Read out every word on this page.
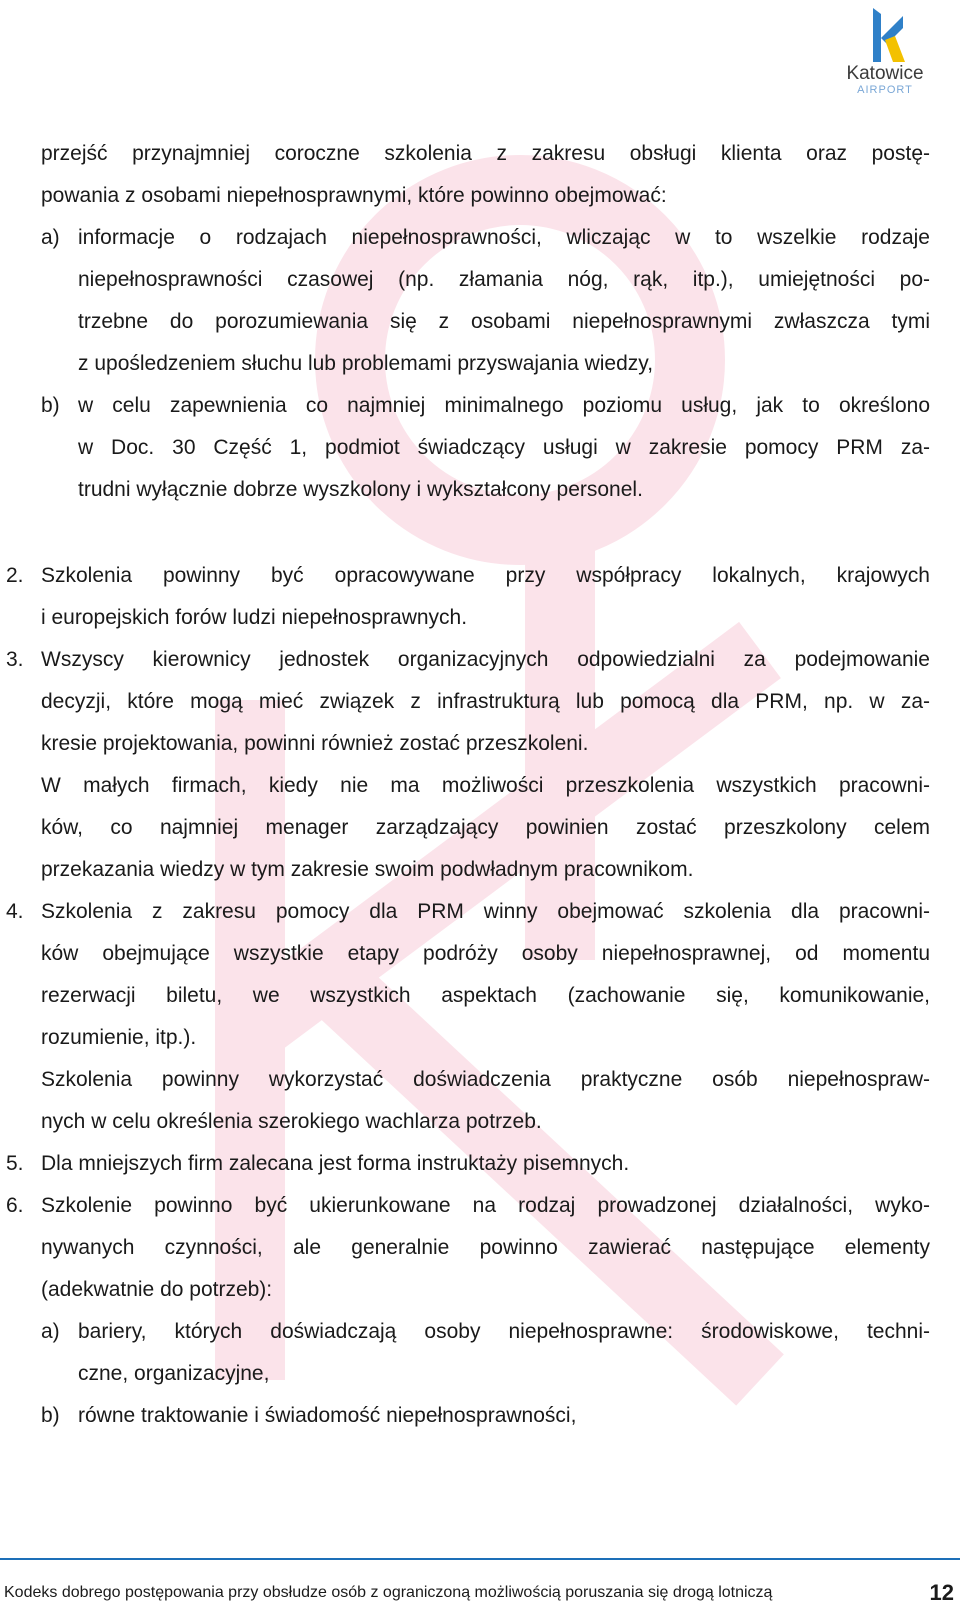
Katowice
AIRPORT
przejść przynajmniej coroczne szkolenia z zakresu obsługi klienta oraz postę-
powania z osobami niepełnosprawnymi, które powinno obejmować:
a) informacje o rodzajach niepełnosprawności, wliczając w to wszelkie rodzaje
niepełnosprawności czasowej (np. złamania nóg, rąk, itp.), umiejętności po-
trzebne do porozumiewania się z osobami niepełnosprawnymi zwłaszcza tymi
z upośledzeniem słuchu lub problemami przyswajania wiedzy,
b) w celu zapewnienia co najmniej minimalnego poziomu usług, jak to określono
w Doc. 30 Część 1, podmiot świadczący usługi w zakresie pomocy PRM za-
trudni wyłącznie dobrze wyszkolony i wykształcony personel.
2. Szkolenia powinny być opracowywane przy współpracy lokalnych, krajowych
i europejskich forów ludzi niepełnosprawnych.
3. Wszyscy kierownicy jednostek organizacyjnych odpowiedzialni za podejmowanie
decyzji, które mogą mieć związek z infrastrukturą lub pomocą dla PRM, np. w za-
kresie projektowania, powinni również zostać przeszkoleni.
W małych firmach, kiedy nie ma możliwości przeszkolenia wszystkich pracowni-
ków, co najmniej menager zarządzający powinien zostać przeszkolony celem
przekazania wiedzy w tym zakresie swoim podwładnym pracownikom.
4. Szkolenia z zakresu pomocy dla PRM winny obejmować szkolenia dla pracowni-
ków obejmujące wszystkie etapy podróży osoby niepełnosprawnej, od momentu
rezerwacji biletu, we wszystkich aspektach (zachowanie się, komunikowanie,
rozumienie, itp.).
Szkolenia powinny wykorzystać doświadczenia praktyczne osób niepełnospraw-
nych w celu określenia szerokiego wachlarza potrzeb.
5. Dla mniejszych firm zalecana jest forma instruktaży pisemnych.
6. Szkolenie powinno być ukierunkowane na rodzaj prowadzonej działalności, wyko-
nywanych czynności, ale generalnie powinno zawierać następujące elementy
(adekwatnie do potrzeb):
a) bariery, których doświadczają osoby niepełnosprawne: środowiskowe, techni-
czne, organizacyjne,
b) równe traktowanie i świadomość niepełnosprawności,
Kodeks dobrego postępowania przy obsłudze osób z ograniczoną możliwością poruszania się drogą lotniczą	12
